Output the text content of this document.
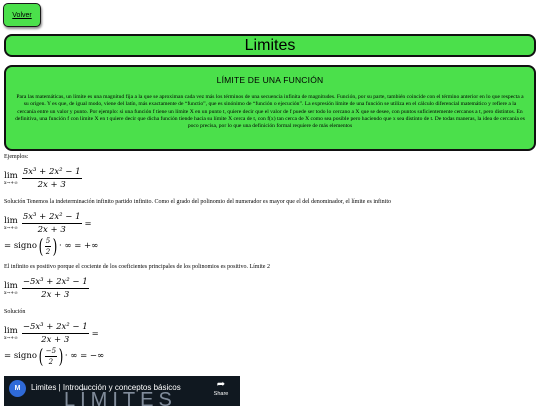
Volver
Limites
LÍMITE DE UNA FUNCIÓN
Para las matemáticas, un límite es una magnitud fija a la que se aproximan cada vez más los términos de una secuencia infinita de magnitudes. Función, por su parte, también coincide con el término anterior en lo que respecta a su origen. Y es que, de igual modo, viene del latín, más exactamente de “functio”, que es sinónimo de “función o ejecución”. La expresión límite de una función se utiliza en el cálculo diferencial matemático y refiere a la cercanía entre un valor y punto. Por ejemplo: si una función f tiene un límite X en un punto t, quiere decir que el valor de f puede ser todo lo cercano a X que se desee, con puntos suficientemente cercanos a t, pero distintos. En definitiva, una función f con límite X en t quiere decir que dicha función tiende hacia su límite X cerca de t, con f(x) tan cerca de X como sea posible pero haciendo que x sea distinto de t. De todas maneras, la idea de cercanía es poco precisa, por lo que una definición formal requiere de más elementos

Ejemplos:

lim
$x\to+\infty \frac{\text{5x³ + 2x² − 1}}{2x + 3}$

Solución Tenemos la indeterminación infinito partido infinito. Como el grado del polinomio del numerador es mayor que el del denominador, el límite es infinito

lim
$x\to+\infty \frac{\text{5x³ + 2x² − 1}}{2x + 3}$ =
= signo ( $\frac{5}{2}$ ) · ∞ = +∞

El infinito es positivo porque el cociente de los coeficientes principales de los polinomios es positivo. Límite 2

lim
$x\to+\infty \frac{\text{−5x³ + 2x² − 1}}{2x + 3}$

Solución

lim
$x\to+\infty \frac{\text{−5x³ + 2x² − 1}}{2x + 3}$ =
= signo ( $\frac{-5}{2}$ ) · ∞ = −∞
LÍMITES
M	Limites | Introducción y conceptos básicos	➦
Share
